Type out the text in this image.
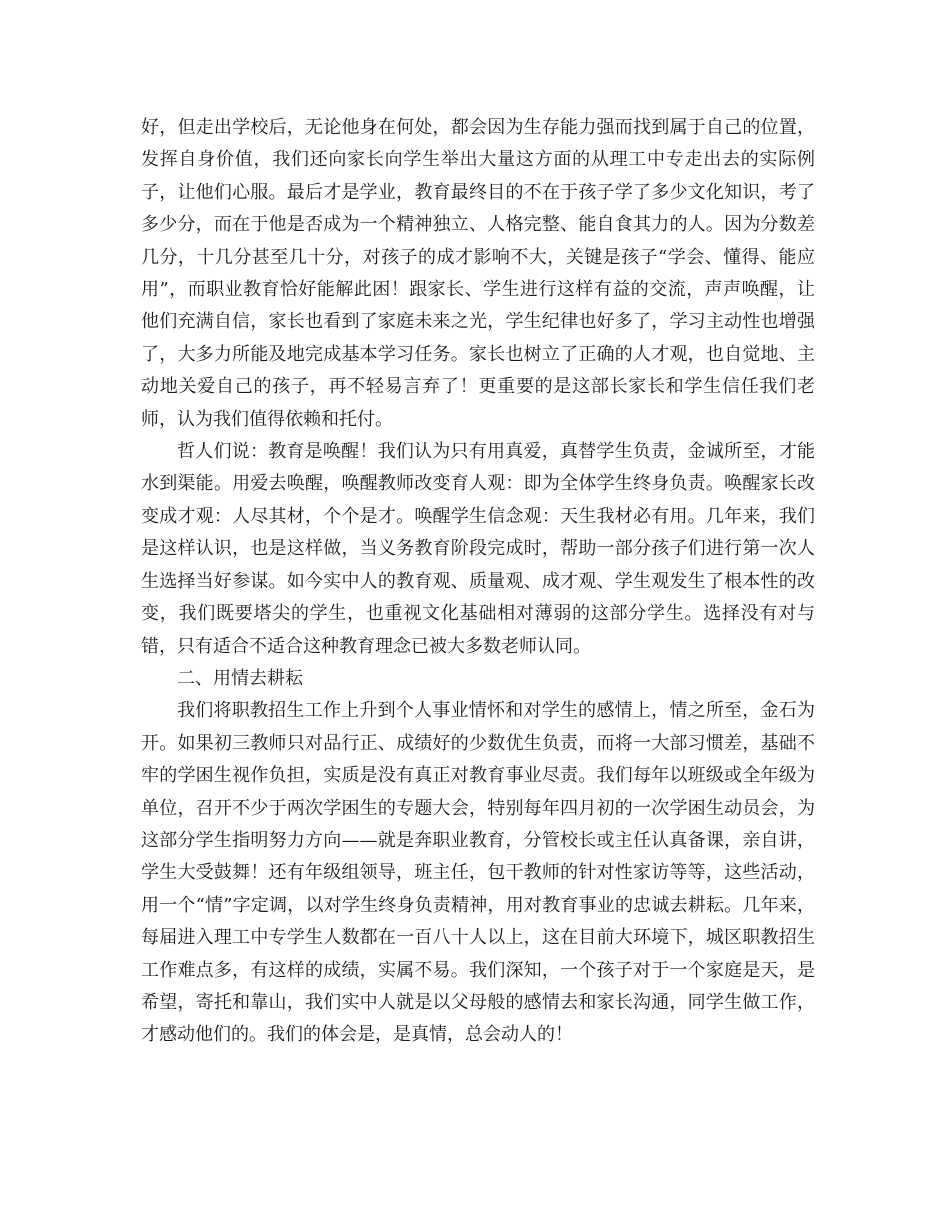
好，但走出学校后，无论他身在何处，都会因为生存能力强而找到属于自己的位置，发挥自身价值，我们还向家长向学生举出大量这方面的从理工中专走出去的实际例子，让他们心服。最后才是学业，教育最终目的不在于孩子学了多少文化知识，考了多少分，而在于他是否成为一个精神独立、人格完整、能自食其力的人。因为分数差几分，十几分甚至几十分，对孩子的成才影响不大，关键是孩子“学会、懂得、能应用”，而职业教育恰好能解此困！跟家长、学生进行这样有益的交流，声声唤醒，让他们充满自信，家长也看到了家庭未来之光，学生纪律也好多了，学习主动性也增强了，大多力所能及地完成基本学习任务。家长也树立了正确的人才观，也自觉地、主动地关爱自己的孩子，再不轻易言弃了！更重要的是这部长家长和学生信任我们老师，认为我们值得依赖和托付。

哲人们说：教育是唤醒！我们认为只有用真爱，真替学生负责，金诚所至，才能水到渠能。用爱去唤醒，唤醒教师改变育人观：即为全体学生终身负责。唤醒家长改变成才观：人尽其材，个个是才。唤醒学生信念观：天生我材必有用。几年来，我们是这样认识，也是这样做，当义务教育阶段完成时，帮助一部分孩子们进行第一次人生选择当好参谋。如今实中人的教育观、质量观、成才观、学生观发生了根本性的改变，我们既要塔尖的学生，也重视文化基础相对薄弱的这部分学生。选择没有对与错，只有适合不适合这种教育理念已被大多数老师认同。

二、用情去耕耘

我们将职教招生工作上升到个人事业情怀和对学生的感情上，情之所至，金石为开。如果初三教师只对品行正、成绩好的少数优生负责，而将一大部习惯差，基础不牢的学困生视作负担，实质是没有真正对教育事业尽责。我们每年以班级或全年级为单位，召开不少于两次学困生的专题大会，特别每年四月初的一次学困生动员会，为这部分学生指明努力方向——就是奔职业教育，分管校长或主任认真备课，亲自讲，学生大受鼓舞！还有年级组领导，班主任，包干教师的针对性家访等等，这些活动，用一个“情”字定调，以对学生终身负责精神，用对教育事业的忠诚去耕耘。几年来，每届进入理工中专学生人数都在一百八十人以上，这在目前大环境下，城区职教招生工作难点多，有这样的成绩，实属不易。我们深知，一个孩子对于一个家庭是天，是希望，寄托和靠山，我们实中人就是以父母般的感情去和家长沟通，同学生做工作，才感动他们的。我们的体会是，是真情，总会动人的！
